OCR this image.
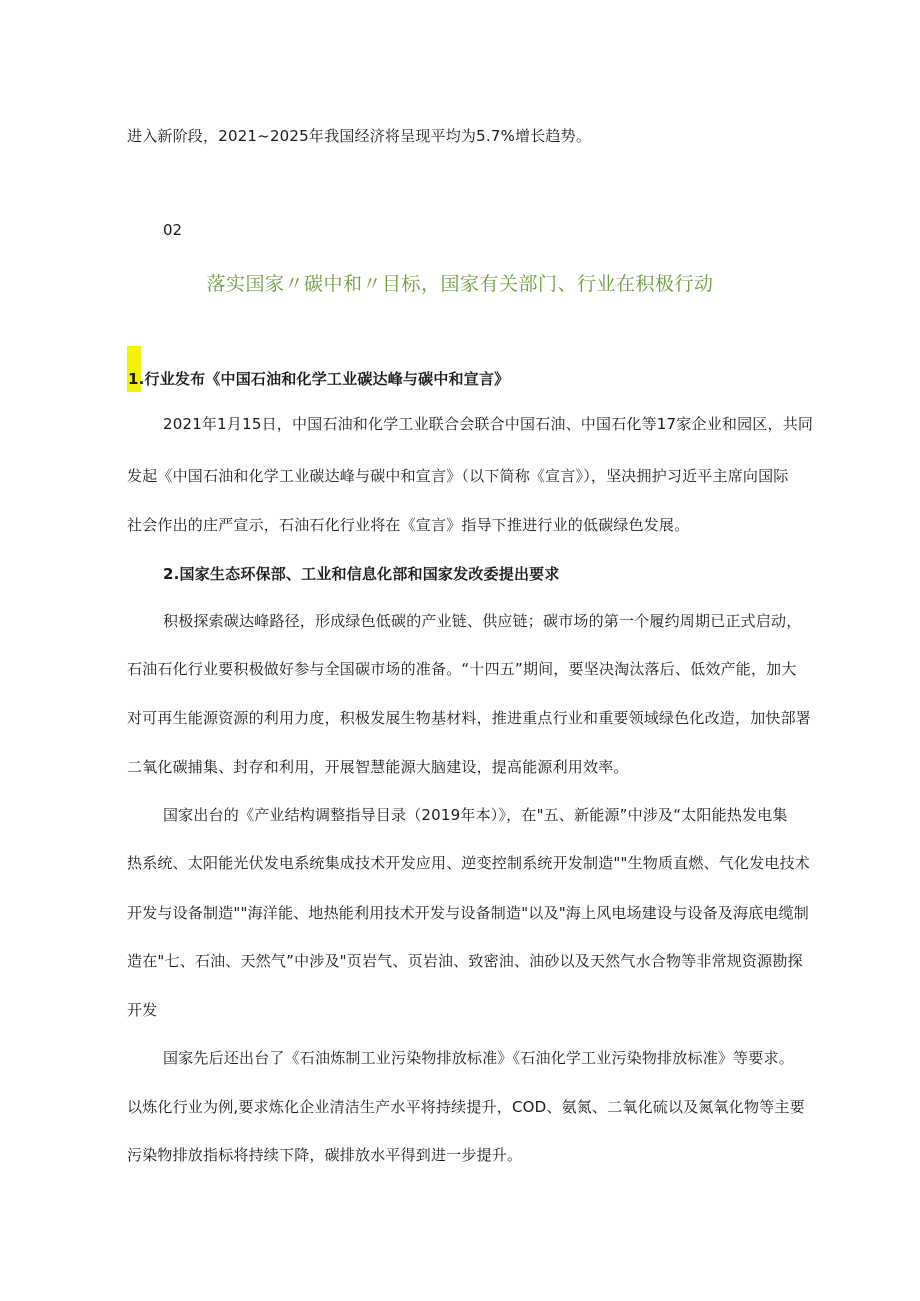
进入新阶段，2021~2025年我国经济将呈现平均为5.7%增长趋势。
02
落实国家〃碳中和〃目标，国家有关部门、行业在积极行动
1.行业发布《中国石油和化学工业碳达峰与碳中和宣言》
2021年1月15日，中国石油和化学工业联合会联合中国石油、中国石化等17家企业和园区，共同
发起《中国石油和化学工业碳达峰与碳中和宣言》（以下简称《宣言》），坚决拥护习近平主席向国际
社会作出的庄严宣示，石油石化行业将在《宣言》指导下推进行业的低碳绿色发展。
2.国家生态环保部、工业和信息化部和国家发改委提出要求
积极探索碳达峰路径，形成绿色低碳的产业链、供应链；碳市场的第一个履约周期已正式启动，
石油石化行业要积极做好参与全国碳市场的准备。“十四五”期间，要坚决淘汰落后、低效产能，加大
对可再生能源资源的利用力度，积极发展生物基材料，推进重点行业和重要领域绿色化改造，加快部署
二氧化碳捕集、封存和利用，开展智慧能源大脑建设，提高能源利用效率。
国家出台的《产业结构调整指导目录（2019年本）》，在"五、新能源”中涉及“太阳能热发电集
热系统、太阳能光伏发电系统集成技术开发应用、逆变控制系统开发制造""生物质直燃、气化发电技术
开发与设备制造""海洋能、地热能利用技术开发与设备制造"以及"海上风电场建设与设备及海底电缆制
造在"七、石油、天然气”中涉及"页岩气、页岩油、致密油、油砂以及天然气水合物等非常规资源勘探
开发
国家先后还出台了《石油炼制工业污染物排放标准》《石油化学工业污染物排放标准》等要求。
以炼化行业为例,要求炼化企业清洁生产水平将持续提升，COD、氨氮、二氧化硫以及氮氧化物等主要
污染物排放指标将持续下降，碳排放水平得到进一步提升。
